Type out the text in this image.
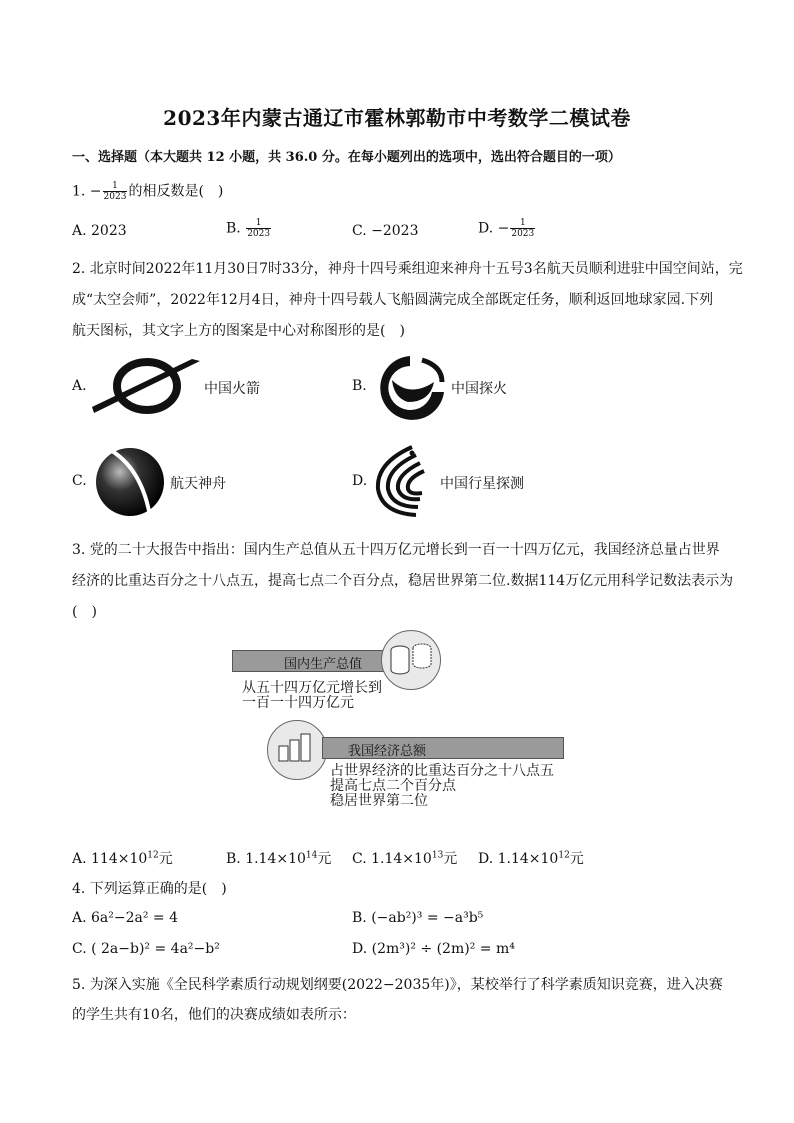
2023年内蒙古通辽市霍林郭勒市中考数学二模试卷
一、选择题（本大题共 12 小题，共 36.0 分。在每小题列出的选项中，选出符合题目的一项）
1. − $\frac{1}{2023}$ 的相反数是(　)
A. 2023	B. $\frac{1}{2023}$	C. −2023	D. − $\frac{1}{2023}$
2. 北京时间2022年11月30日7时33分，神舟十四号乘组迎来神舟十五号3名航天员顺利进驻中国空间站，完
成“太空会师”，2022年12月4日，神舟十四号载人飞船圆满完成全部既定任务，顺利返回地球家园.下列
航天图标，其文字上方的图案是中心对称图形的是(　)
A.	中国火箭	B.	中国探火
C.	航天神舟	D.	中国行星探测
3. 党的二十大报告中指出：国内生产总值从五十四万亿元增长到一百一十四万亿元，我国经济总量占世界
经济的比重达百分之十八点五，提高七点二个百分点，稳居世界第二位.数据114万亿元用科学记数法表示为
(　)
国内生产总值
从五十四万亿元增长到
一百一十四万亿元
我国经济总额
占世界经济的比重达百分之十八点五
提高七点二个百分点
稳居世界第二位
A. $114\times 10^{12}$元	B. $1.14\times 10^{14}$元 C. $1.14\times 10^{13}$元 D. $1.14\times 10^{12}$元
4. 下列运算正确的是(　)
A. 6a²−2a² = 4	B. (−ab²)³ = −a³b⁵
C. ( 2a−b)² = 4a²−b²	D. (2m³)² ÷ (2m)² = m⁴
5. 为深入实施《全民科学素质行动规划纲要(2022−2035年)》，某校举行了科学素质知识竞赛，进入决赛
的学生共有10名，他们的决赛成绩如表所示：
